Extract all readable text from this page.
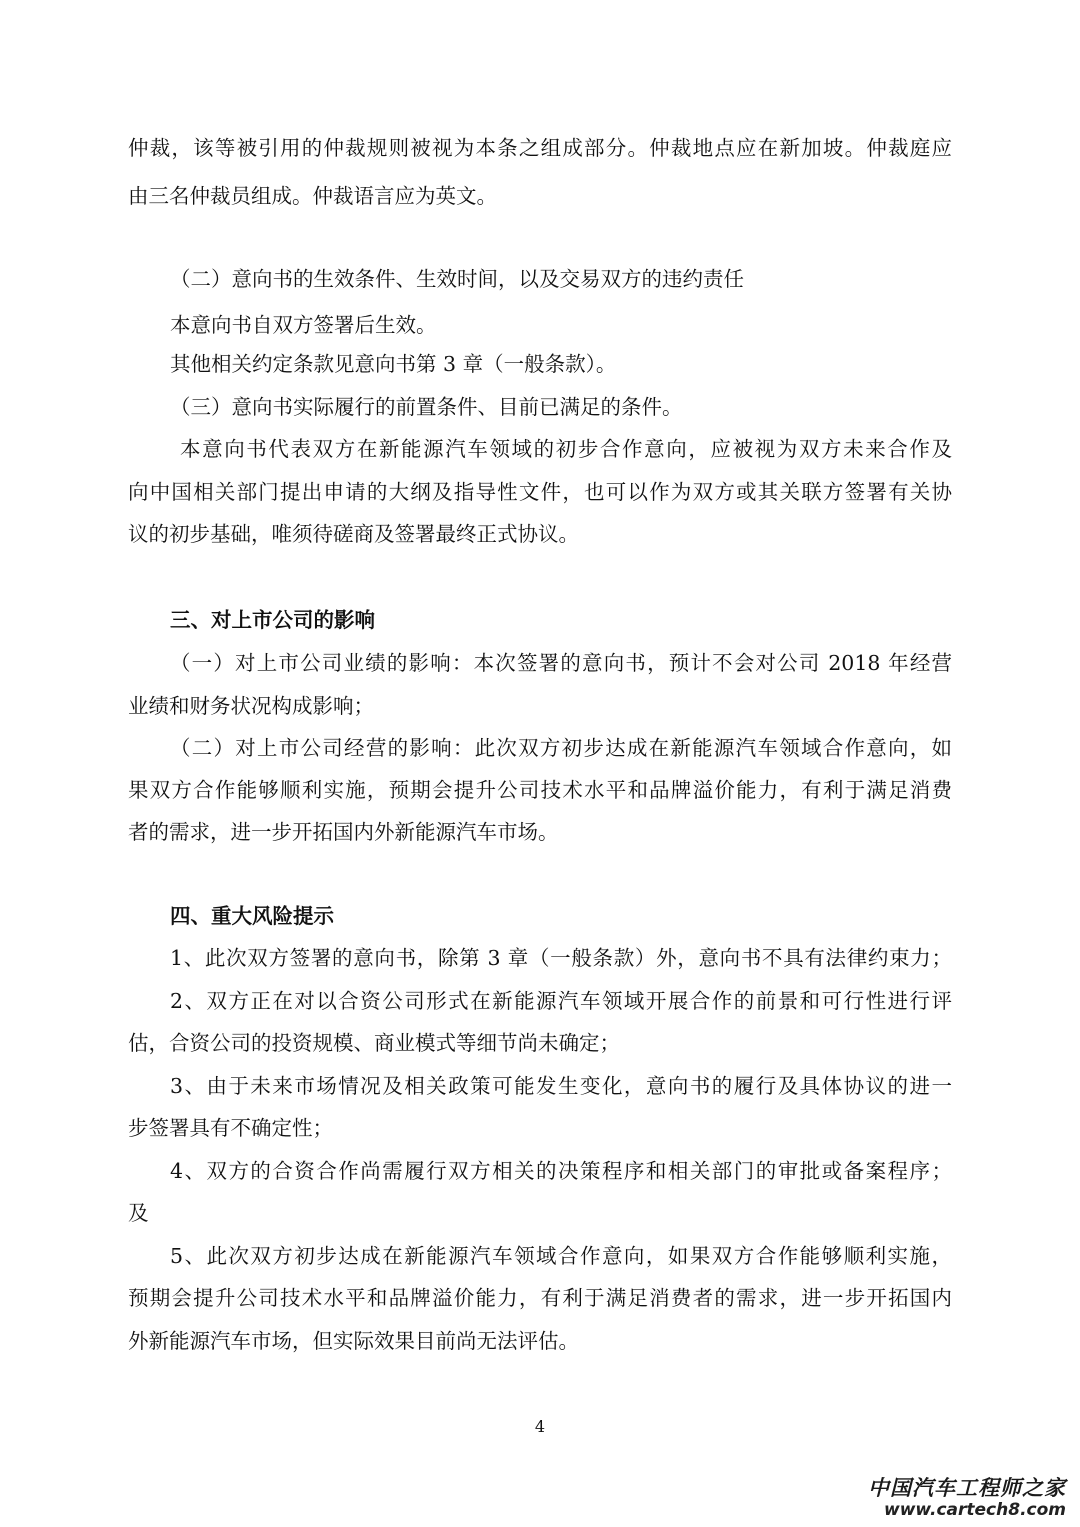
仲裁，该等被引用的仲裁规则被视为本条之组成部分。仲裁地点应在新加坡。仲裁庭应
由三名仲裁员组成。仲裁语言应为英文。
（二）意向书的生效条件、生效时间，以及交易双方的违约责任
本意向书自双方签署后生效。
其他相关约定条款见意向书第 3 章（一般条款）。
（三）意向书实际履行的前置条件、目前已满足的条件。
本意向书代表双方在新能源汽车领域的初步合作意向，应被视为双方未来合作及
向中国相关部门提出申请的大纲及指导性文件，也可以作为双方或其关联方签署有关协
议的初步基础，唯须待磋商及签署最终正式协议。
三、对上市公司的影响
（一）对上市公司业绩的影响：本次签署的意向书，预计不会对公司 2018 年经营
业绩和财务状况构成影响；
（二）对上市公司经营的影响：此次双方初步达成在新能源汽车领域合作意向，如
果双方合作能够顺利实施，预期会提升公司技术水平和品牌溢价能力，有利于满足消费
者的需求，进一步开拓国内外新能源汽车市场。
四、重大风险提示
1、此次双方签署的意向书，除第 3 章（一般条款）外，意向书不具有法律约束力；
2、双方正在对以合资公司形式在新能源汽车领域开展合作的前景和可行性进行评
估，合资公司的投资规模、商业模式等细节尚未确定；
3、由于未来市场情况及相关政策可能发生变化，意向书的履行及具体协议的进一
步签署具有不确定性；
4、双方的合资合作尚需履行双方相关的决策程序和相关部门的审批或备案程序；
及
5、此次双方初步达成在新能源汽车领域合作意向，如果双方合作能够顺利实施，
预期会提升公司技术水平和品牌溢价能力，有利于满足消费者的需求，进一步开拓国内
外新能源汽车市场，但实际效果目前尚无法评估。
4
中国汽车工程师之家
www.cartech8.com
